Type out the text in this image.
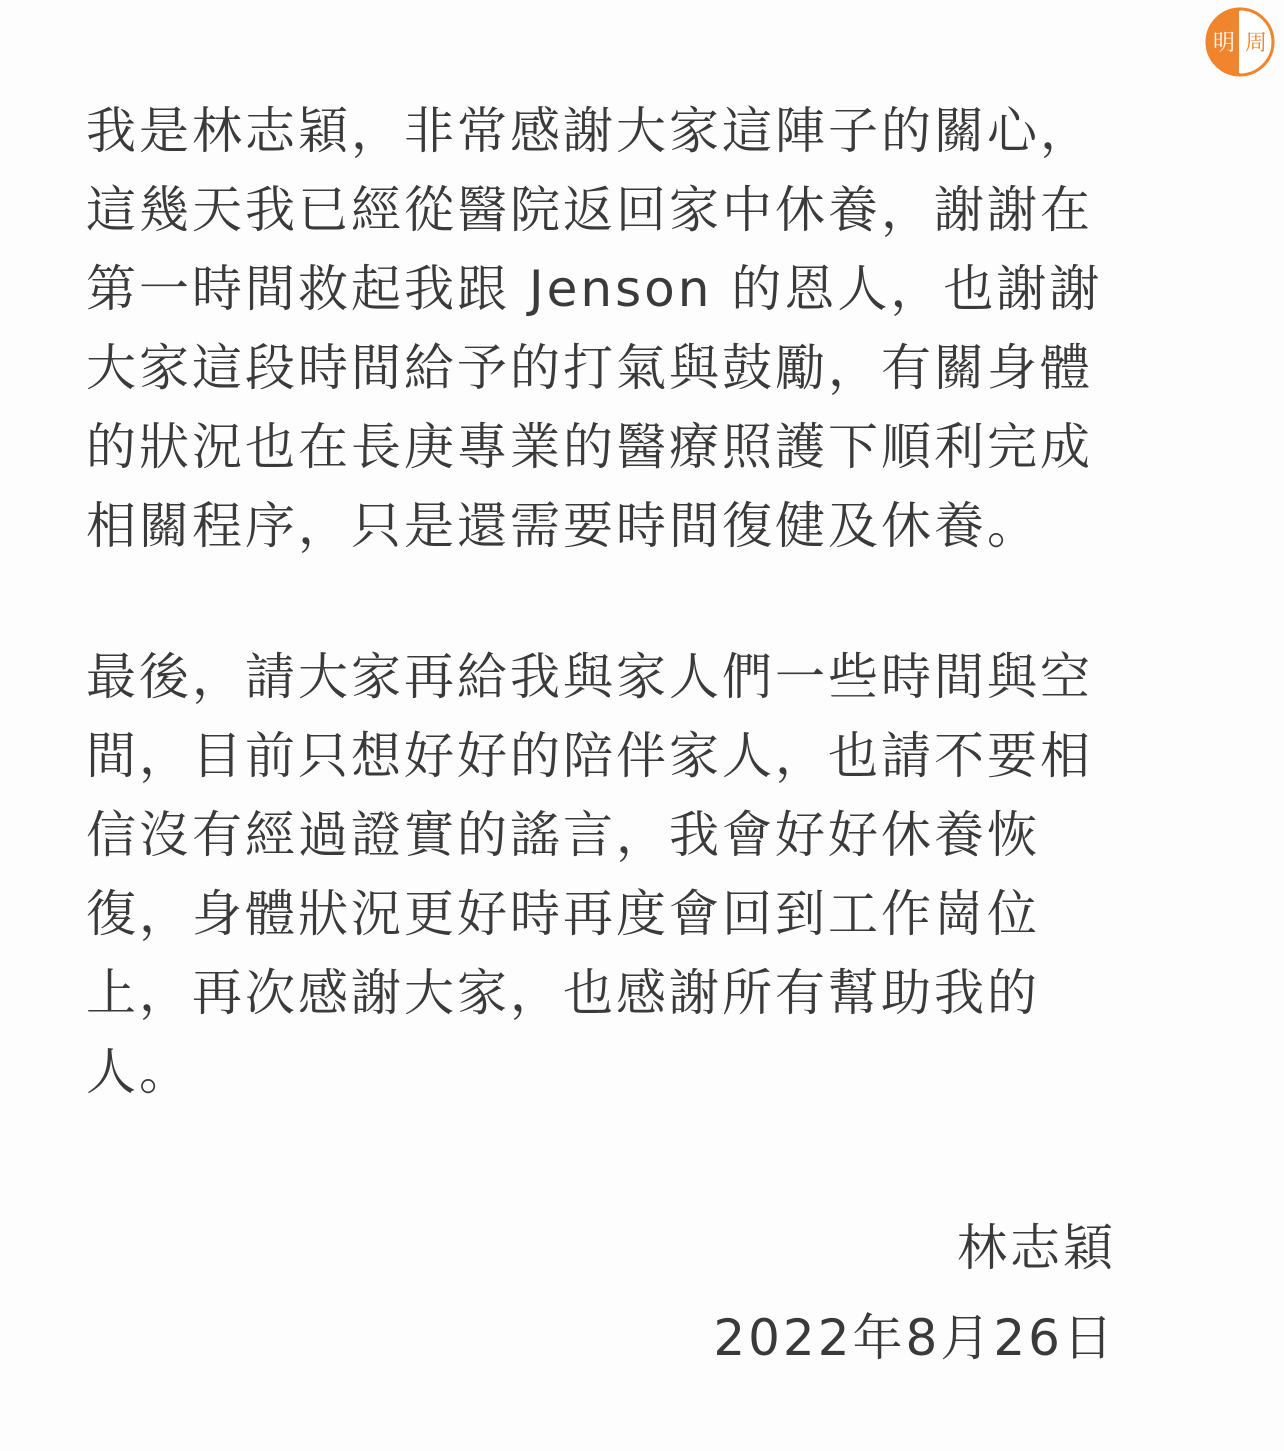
明 周
我是林志穎，非常感謝大家這陣子的關心，
這幾天我已經從醫院返回家中休養，謝謝在
第一時間救起我跟 Jenson 的恩人，也謝謝
大家這段時間給予的打氣與鼓勵，有關身體
的狀況也在長庚專業的醫療照護下順利完成
相關程序，只是還需要時間復健及休養。
最後，請大家再給我與家人們一些時間與空
間，目前只想好好的陪伴家人，也請不要相
信沒有經過證實的謠言，我會好好休養恢
復，身體狀況更好時再度會回到工作崗位
上，再次感謝大家，也感謝所有幫助我的
人。
林志穎
2022年8月26日
